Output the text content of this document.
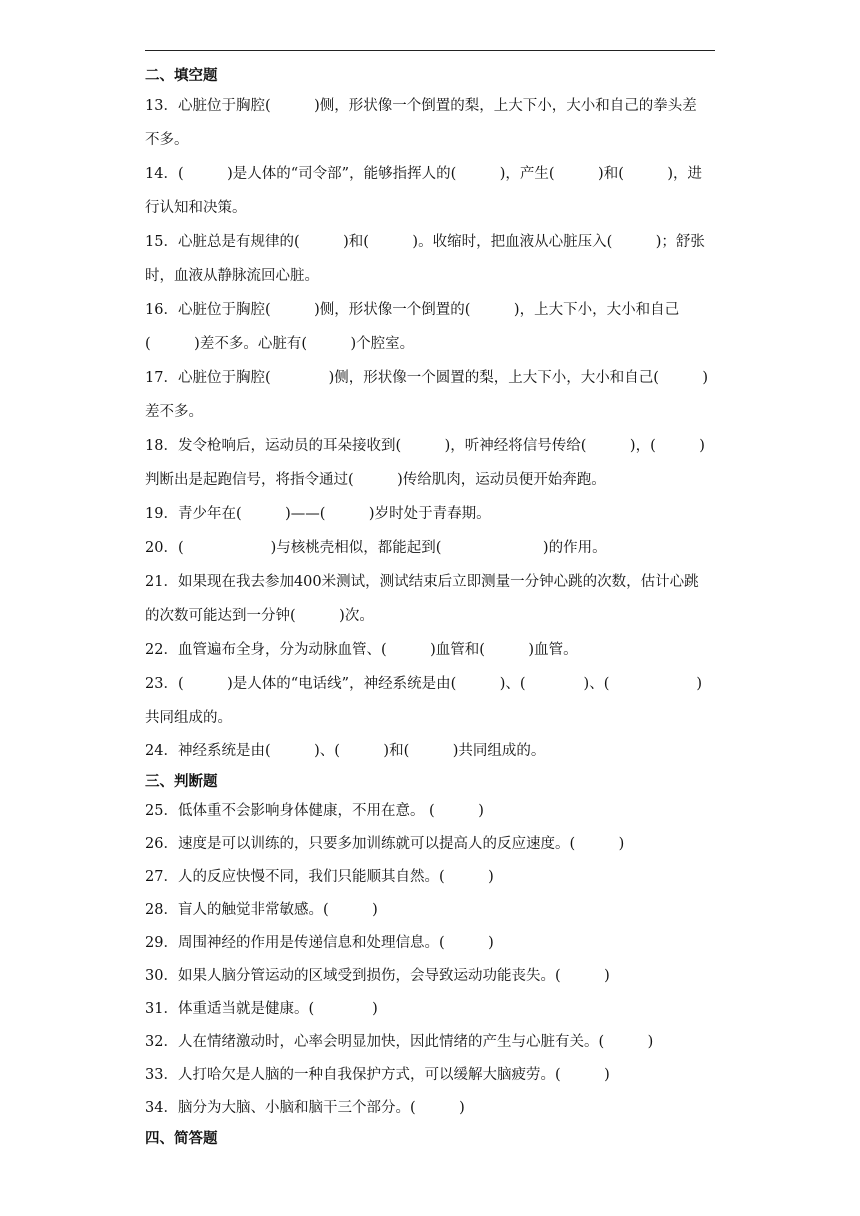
二、填空题

13．心脏位于胸腔(　　　)侧，形状像一个倒置的梨，上大下小，大小和自己的拳头差

不多。

14．(　　　)是人体的“司令部”，能够指挥人的(　　　)，产生(　　　)和(　　　)，进

行认知和决策。

15．心脏总是有规律的(　　　)和(　　　)。收缩时，把血液从心脏压入(　　　)；舒张

时，血液从静脉流回心脏。

16．心脏位于胸腔(　　　)侧，形状像一个倒置的(　　　)，上大下小，大小和自己

(　　　)差不多。心脏有(　　　)个腔室。

17．心脏位于胸腔(　　　　)侧，形状像一个圆置的梨，上大下小，大小和自己(　　　)

差不多。

18．发令枪响后，运动员的耳朵接收到(　　　)，听神经将信号传给(　　　)，(　　　)

判断出是起跑信号，将指令通过(　　　)传给肌肉，运动员便开始奔跑。

19．青少年在(　　　)——(　　　)岁时处于青春期。

20．(　　　　　　)与核桃壳相似，都能起到(　　　　　　　)的作用。

21．如果现在我去参加400米测试，测试结束后立即测量一分钟心跳的次数，估计心跳

的次数可能达到一分钟(　　　)次。

22．血管遍布全身，分为动脉血管、(　　　)血管和(　　　)血管。

23．(　　　)是人体的“电话线”，神经系统是由(　　　)、(　　　　)、(　　　　　　)

共同组成的。

24．神经系统是由(　　　)、(　　　)和(　　　)共同组成的。

三、判断题

25．低体重不会影响身体健康，不用在意。 (　　　)

26．速度是可以训练的，只要多加训练就可以提高人的反应速度。(　　　)

27．人的反应快慢不同，我们只能顺其自然。(　　　)

28．盲人的触觉非常敏感。(　　　)

29．周围神经的作用是传递信息和处理信息。(　　　)

30．如果人脑分管运动的区域受到损伤，会导致运动功能丧失。(　　　)

31．体重适当就是健康。(　　　　)

32．人在情绪激动时，心率会明显加快，因此情绪的产生与心脏有关。(　　　)

33．人打哈欠是人脑的一种自我保护方式，可以缓解大脑疲劳。(　　　)

34．脑分为大脑、小脑和脑干三个部分。(　　　)

四、简答题
